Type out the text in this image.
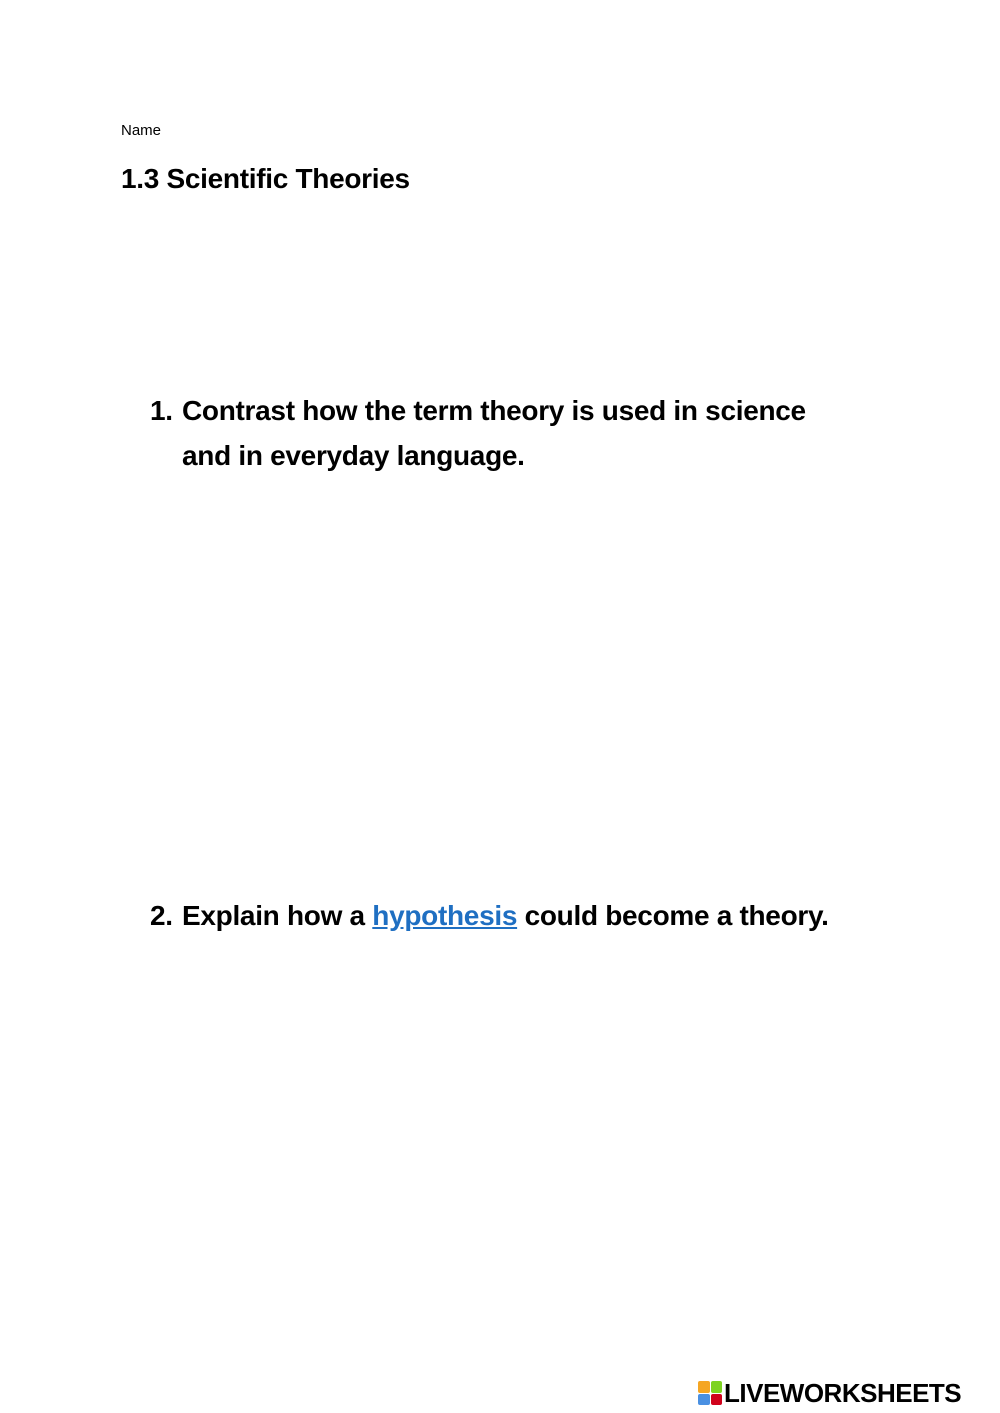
Name
1.3 Scientific Theories
1. Contrast how the term theory is used in science and in everyday language.
2. Explain how a hypothesis could become a theory.
LIVEWORKSHEETS
